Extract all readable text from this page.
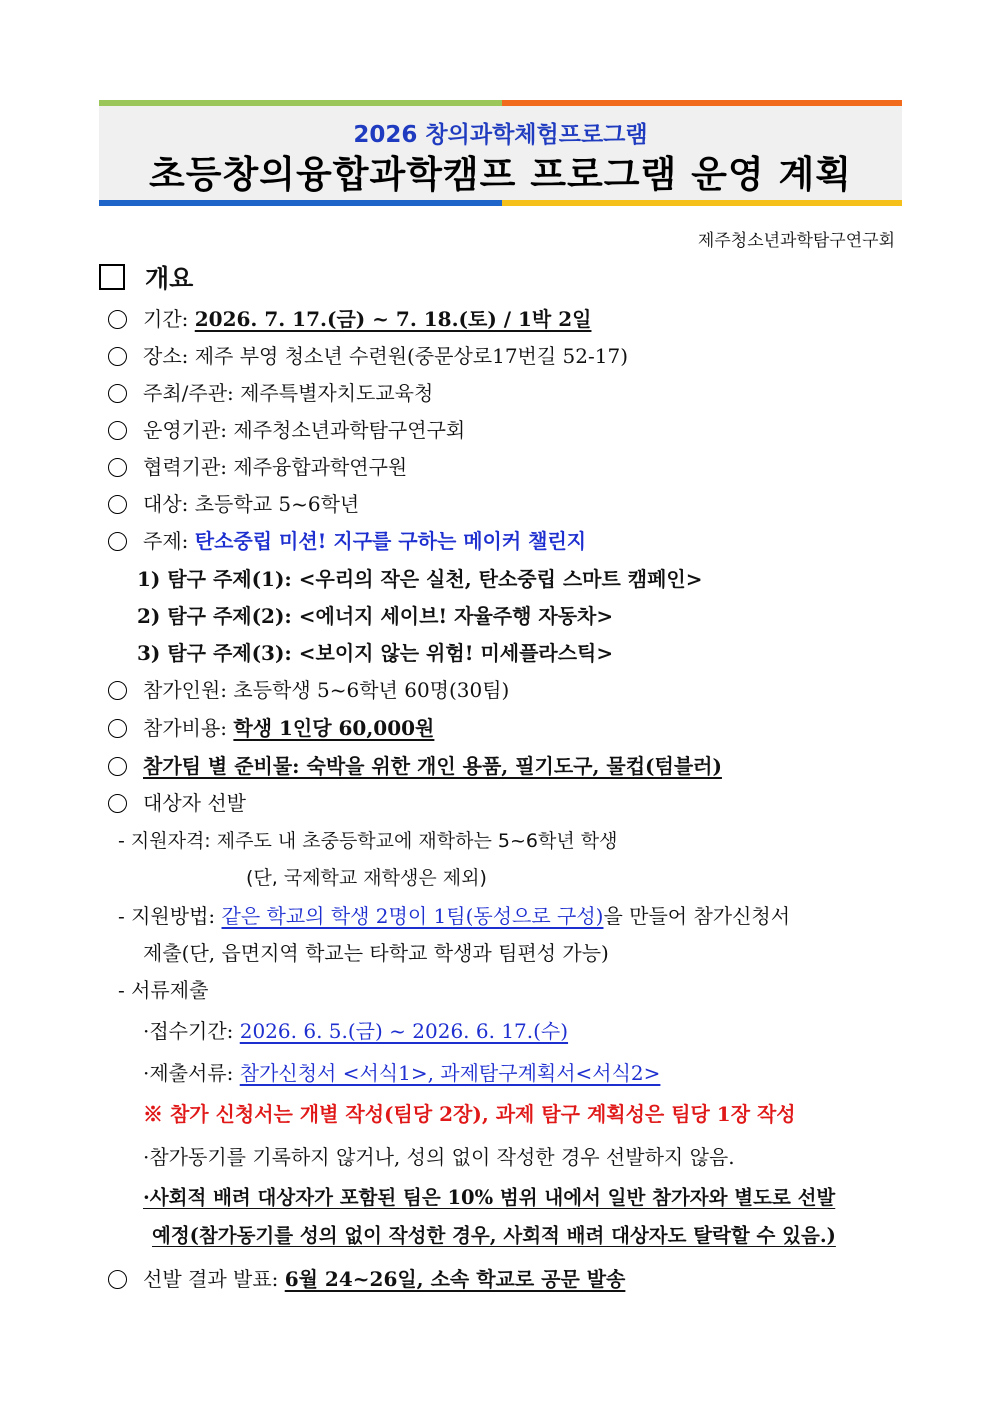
2026 창의과학체험프로그램
초등창의융합과학캠프 프로그램 운영 계획
제주청소년과학탐구연구회
개요
기간: 2026. 7. 17.(금) ~ 7. 18.(토) / 1박 2일
장소: 제주 부영 청소년 수련원(중문상로17번길 52-17)
주최/주관: 제주특별자치도교육청
운영기관: 제주청소년과학탐구연구회
협력기관: 제주융합과학연구원
대상: 초등학교 5~6학년
주제: 탄소중립 미션! 지구를 구하는 메이커 챌린지
1) 탐구 주제(1): <우리의 작은 실천, 탄소중립 스마트 캠페인>
2) 탐구 주제(2): <에너지 세이브! 자율주행 자동차>
3) 탐구 주제(3): <보이지 않는 위험! 미세플라스틱>
참가인원: 초등학생 5~6학년 60명(30팀)
참가비용: 학생 1인당 60,000원
참가팀 별 준비물: 숙박을 위한 개인 용품, 필기도구, 물컵(텀블러)
대상자 선발
- 지원자격: 제주도 내 초중등학교에 재학하는 5~6학년 학생
(단, 국제학교 재학생은 제외)
- 지원방법: 같은 학교의 학생 2명이 1팀(동성으로 구성)을 만들어 참가신청서
제출(단, 읍면지역 학교는 타학교 학생과 팀편성 가능)
- 서류제출
·접수기간: 2026. 6. 5.(금) ~ 2026. 6. 17.(수)
·제출서류: 참가신청서 <서식1>, 과제탐구계획서<서식2>
※ 참가 신청서는 개별 작성(팀당 2장), 과제 탐구 계획성은 팀당 1장 작성
·참가동기를 기록하지 않거나, 성의 없이 작성한 경우 선발하지 않음.
·사회적 배려 대상자가 포함된 팀은 10% 범위 내에서 일반 참가자와 별도로 선발
예정(참가동기를 성의 없이 작성한 경우, 사회적 배려 대상자도 탈락할 수 있음.)
선발 결과 발표: 6월 24~26일, 소속 학교로 공문 발송
